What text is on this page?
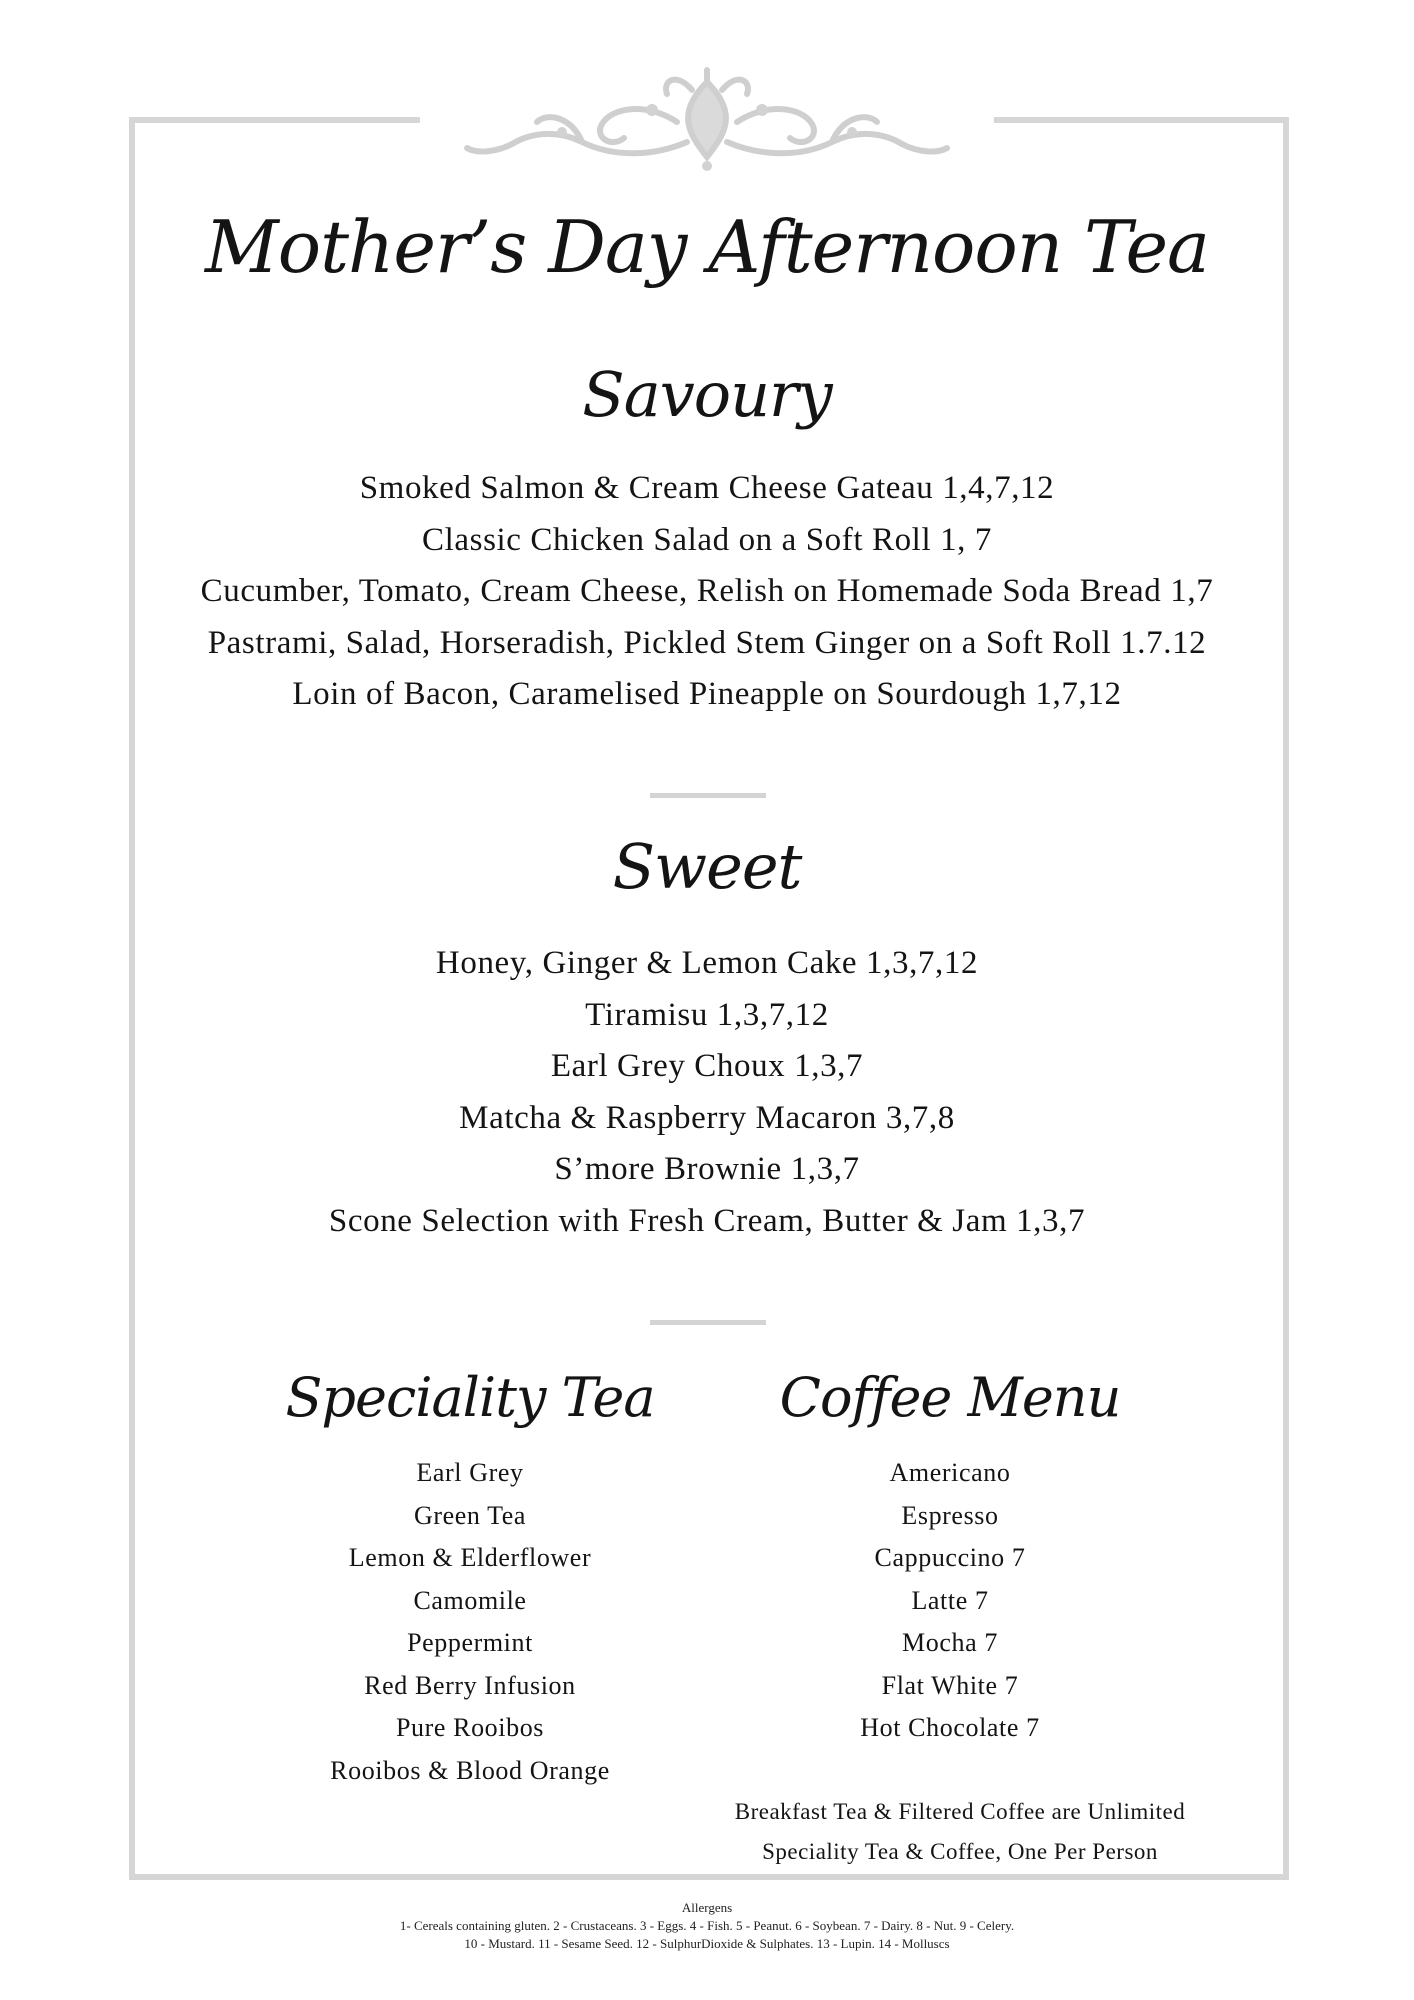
Mother’s Day Afternoon Tea
Savoury
Smoked Salmon & Cream Cheese Gateau 1,4,7,12
Classic Chicken Salad on a Soft Roll 1, 7
Cucumber, Tomato, Cream Cheese, Relish on Homemade Soda Bread 1,7
Pastrami, Salad, Horseradish, Pickled Stem Ginger on a Soft Roll 1.7.12
Loin of Bacon, Caramelised Pineapple on Sourdough 1,7,12
Sweet
Honey, Ginger & Lemon Cake 1,3,7,12
Tiramisu 1,3,7,12
Earl Grey Choux 1,3,7
Matcha & Raspberry Macaron 3,7,8
S’more Brownie 1,3,7
Scone Selection with Fresh Cream, Butter & Jam 1,3,7
Speciality Tea
Earl Grey
Green Tea
Lemon & Elderflower
Camomile
Peppermint
Red Berry Infusion
Pure Rooibos
Rooibos & Blood Orange
Coffee Menu
Americano
Espresso
Cappuccino 7
Latte 7
Mocha 7
Flat White 7
Hot Chocolate 7
Breakfast Tea & Filtered Coffee are Unlimited
Speciality Tea & Coffee, One Per Person
Allergens
1- Cereals containing gluten. 2 - Crustaceans. 3 - Eggs. 4 - Fish. 5 - Peanut. 6 - Soybean. 7 - Dairy. 8 - Nut. 9 - Celery.
10 - Mustard. 11 - Sesame Seed. 12 - SulphurDioxide & Sulphates. 13 - Lupin. 14 - Molluscs
